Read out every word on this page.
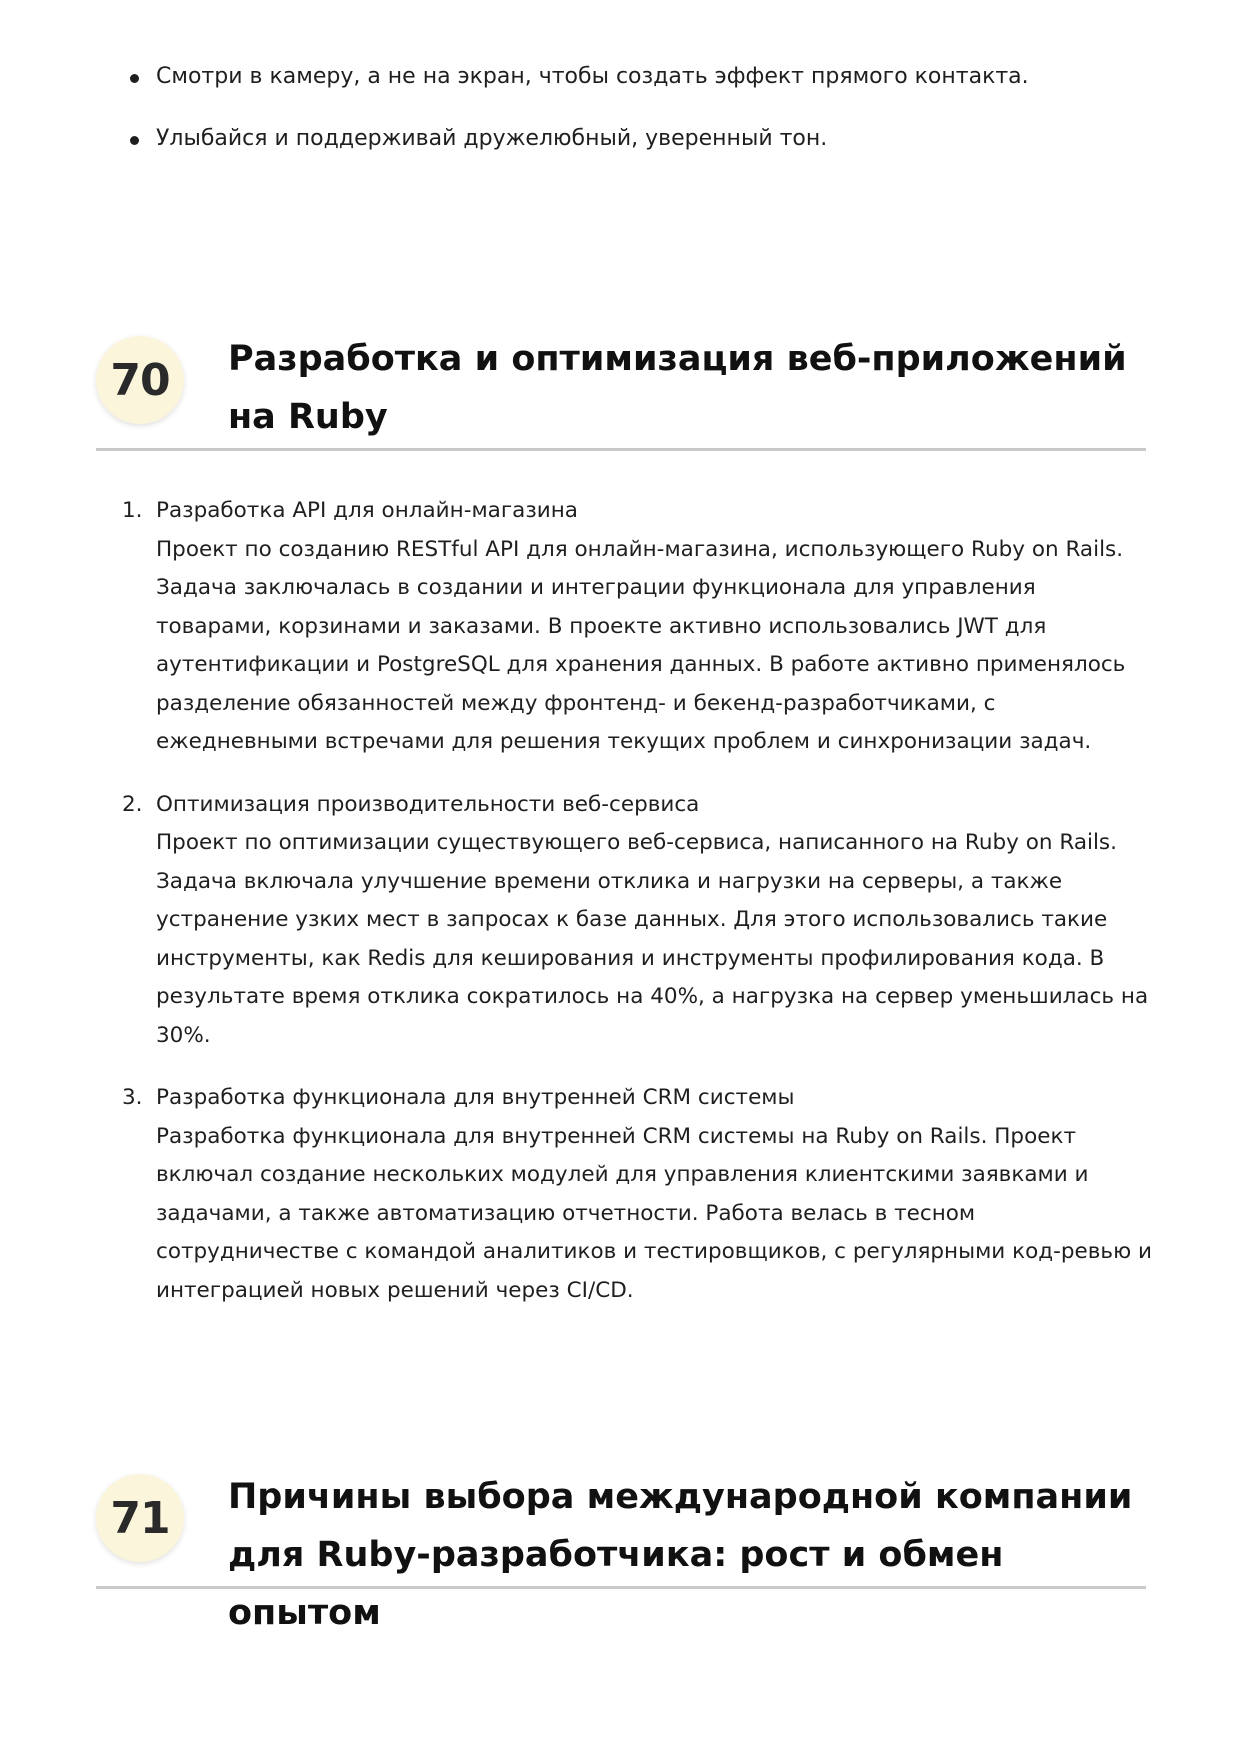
Смотри в камеру, а не на экран, чтобы создать эффект прямого контакта.
Улыбайся и поддерживай дружелюбный, уверенный тон.
70	Разработка и оптимизация веб-приложений на Ruby
1. Разработка API для онлайн-магазина
Проект по созданию RESTful API для онлайн-магазина, использующего Ruby on Rails. Задача заключалась в создании и интеграции функционала для управления товарами, корзинами и заказами. В проекте активно использовались JWT для аутентификации и PostgreSQL для хранения данных. В работе активно применялось разделение обязанностей между фронтенд- и бекенд-разработчиками, с ежедневными встречами для решения текущих проблем и синхронизации задач.
2. Оптимизация производительности веб-сервиса
Проект по оптимизации существующего веб-сервиса, написанного на Ruby on Rails. Задача включала улучшение времени отклика и нагрузки на серверы, а также устранение узких мест в запросах к базе данных. Для этого использовались такие инструменты, как Redis для кеширования и инструменты профилирования кода. В результате время отклика сократилось на 40%, а нагрузка на сервер уменьшилась на 30%.
3. Разработка функционала для внутренней CRM системы
Разработка функционала для внутренней CRM системы на Ruby on Rails. Проект включал создание нескольких модулей для управления клиентскими заявками и задачами, а также автоматизацию отчетности. Работа велась в тесном сотрудничестве с командой аналитиков и тестировщиков, с регулярными код-ревью и интеграцией новых решений через CI/CD.
71	Причины выбора международной компании для Ruby-разработчика: рост и обмен опытом
